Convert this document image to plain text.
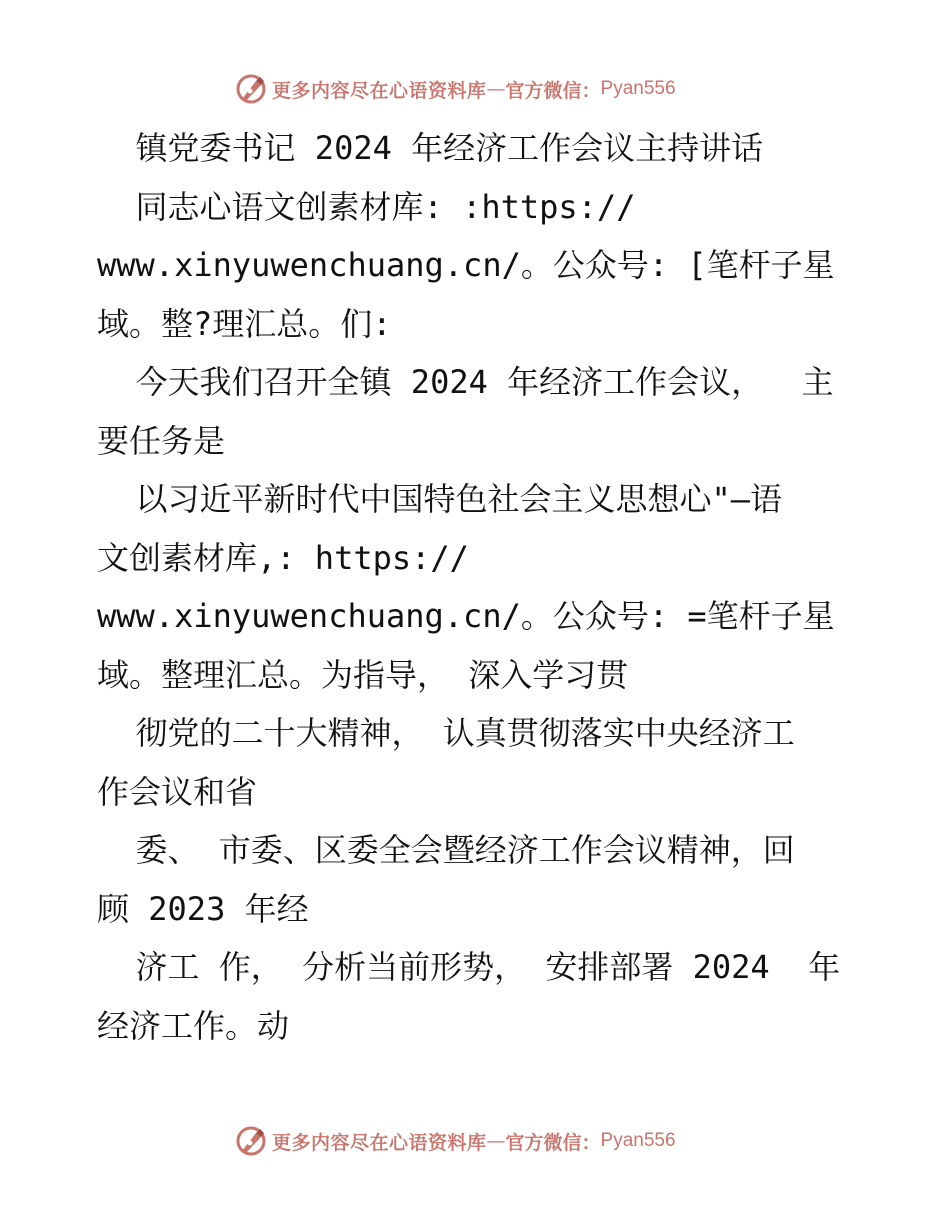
更多内容尽在心语资料库 — 官方微信： Pyan556
镇党委书记 2024 年经济工作会议主持讲话
同志心语文创素材库: :https://
www.xinyuwenchuang.cn/。公众号: [笔杆子星
域。整?理汇总。们:
今天我们召开全镇 2024 年经济工作会议，  主
要任务是
以习近平新时代中国特色社会主义思想心"—语
文创素材库,: https://
www.xinyuwenchuang.cn/。公众号: =笔杆子星
域。整理汇总。为指导， 深入学习贯
彻党的二十大精神， 认真贯彻落实中央经济工
作会议和省
委、 市委、区委全会暨经济工作会议精神，回
顾 2023 年经
济工 作， 分析当前形势， 安排部署 2024  年
经济工作。动
更多内容尽在心语资料库 — 官方微信： Pyan556
